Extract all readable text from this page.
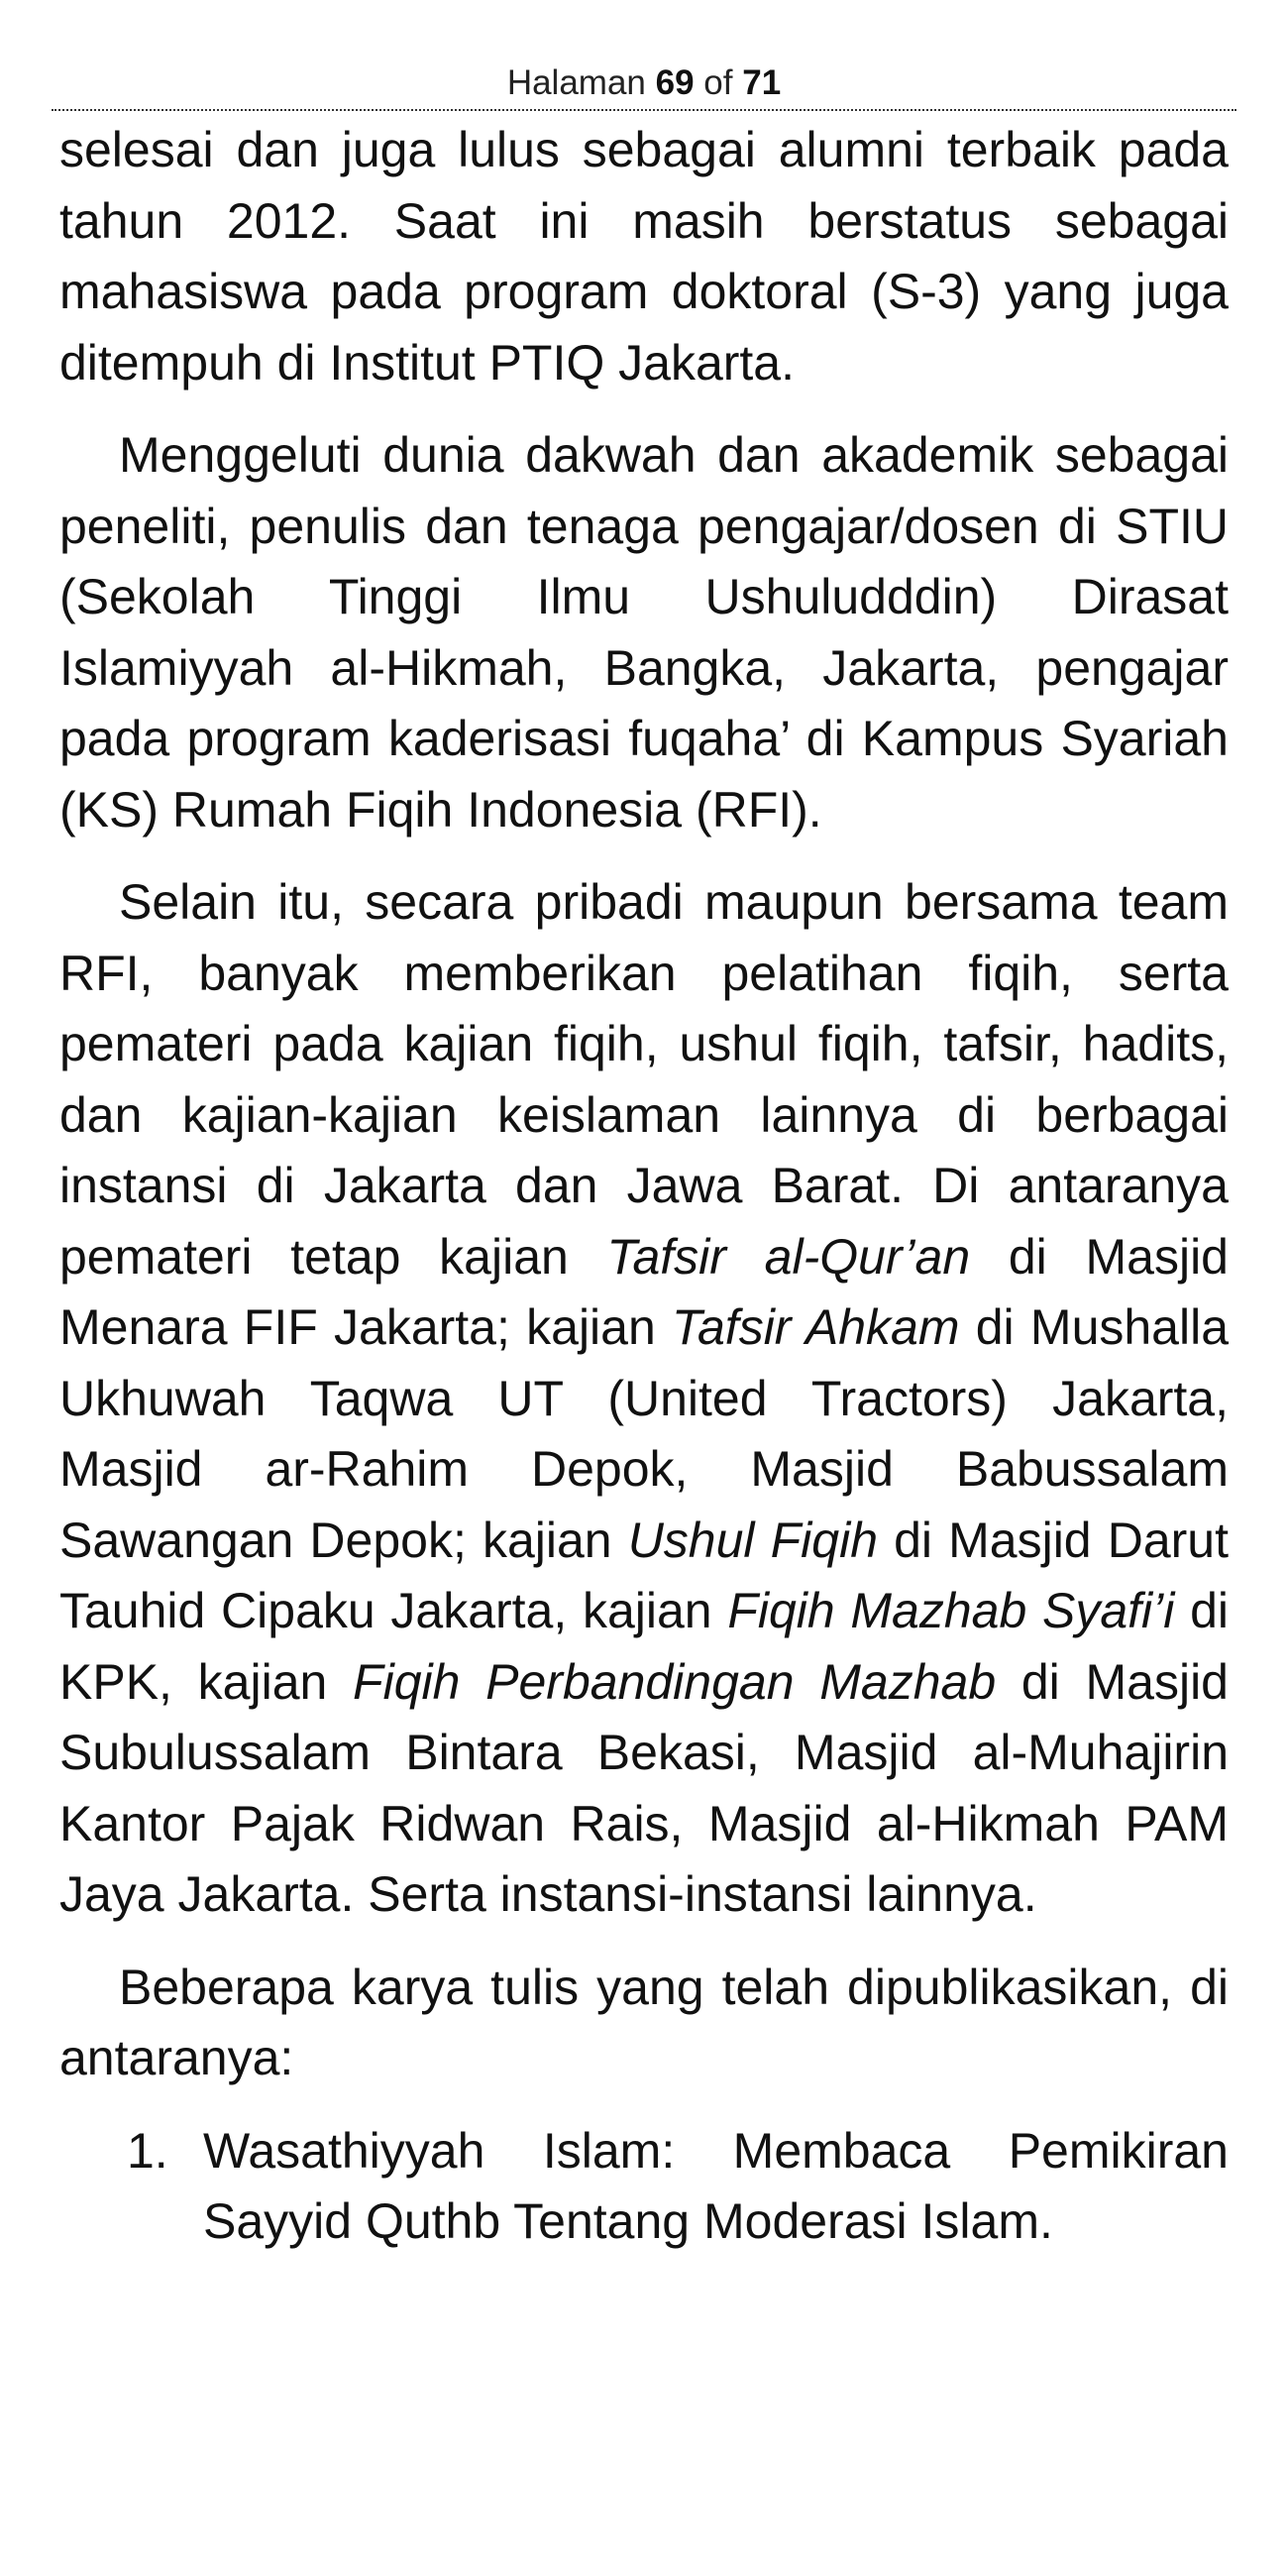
Halaman 69 of 71

selesai dan juga lulus sebagai alumni terbaik pada tahun 2012. Saat ini masih berstatus sebagai mahasiswa pada program doktoral (S-3) yang juga ditempuh di Institut PTIQ Jakarta.

Menggeluti dunia dakwah dan akademik sebagai peneliti, penulis dan tenaga pengajar/dosen di STIU (Sekolah Tinggi Ilmu Ushuludddin) Dirasat Islamiyyah al-Hikmah, Bangka, Jakarta, pengajar pada program kaderisasi fuqaha’ di Kampus Syariah (KS) Rumah Fiqih Indonesia (RFI).

Selain itu, secara pribadi maupun bersama team RFI, banyak memberikan pelatihan fiqih, serta pemateri pada kajian fiqih, ushul fiqih, tafsir, hadits, dan kajian-kajian keislaman lainnya di berbagai instansi di Jakarta dan Jawa Barat. Di antaranya pemateri tetap kajian Tafsir al-Qur’an di Masjid Menara FIF Jakarta; kajian Tafsir Ahkam di Mushalla Ukhuwah Taqwa UT (United Tractors) Jakarta, Masjid ar-Rahim Depok, Masjid Babussalam Sawangan Depok; kajian Ushul Fiqih di Masjid Darut Tauhid Cipaku Jakarta, kajian Fiqih Mazhab Syafi’i di KPK, kajian Fiqih Perbandingan Mazhab di Masjid Subulussalam Bintara Bekasi, Masjid al-Muhajirin Kantor Pajak Ridwan Rais, Masjid al-Hikmah PAM Jaya Jakarta. Serta instansi-instansi lainnya.

Beberapa karya tulis yang telah dipublikasikan, di antaranya:

1. Wasathiyyah Islam: Membaca Pemikiran Sayyid Quthb Tentang Moderasi Islam.
